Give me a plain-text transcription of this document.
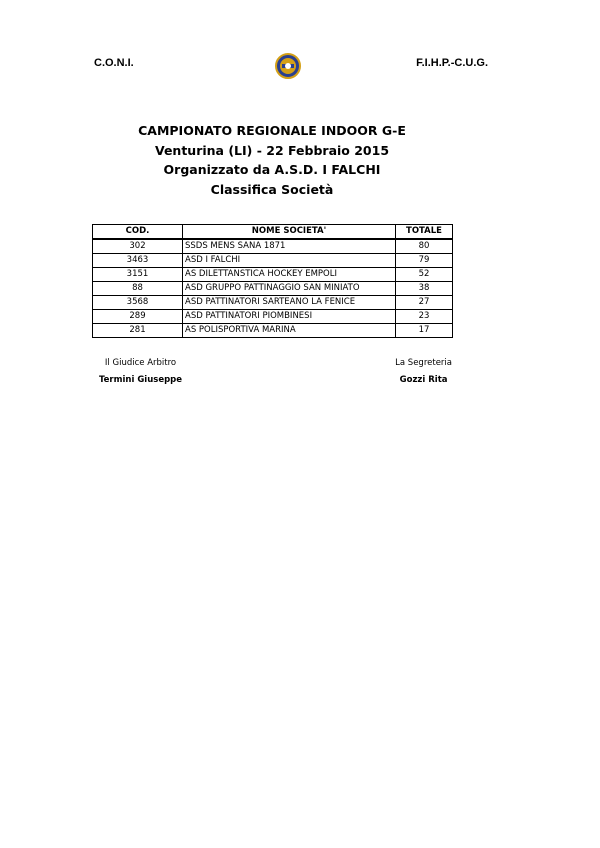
C.O.N.I.	F.I.H.P.-C.U.G.
CAMPIONATO REGIONALE INDOOR G-E
Venturina (LI) - 22 Febbraio 2015
Organizzato da A.S.D. I FALCHI
Classifica Società
COD.	NOME SOCIETA'	TOTALE
302	SSDS MENS SANA 1871	80
3463	ASD I FALCHI	79
3151	AS DILETTANSTICA HOCKEY EMPOLI	52
88	ASD GRUPPO PATTINAGGIO SAN MINIATO	38
3568	ASD PATTINATORI SARTEANO LA FENICE	27
289	ASD PATTINATORI PIOMBINESI	23
281	AS POLISPORTIVA MARINA	17
Il Giudice Arbitro
Termini Giuseppe
La Segreteria
Gozzi Rita
